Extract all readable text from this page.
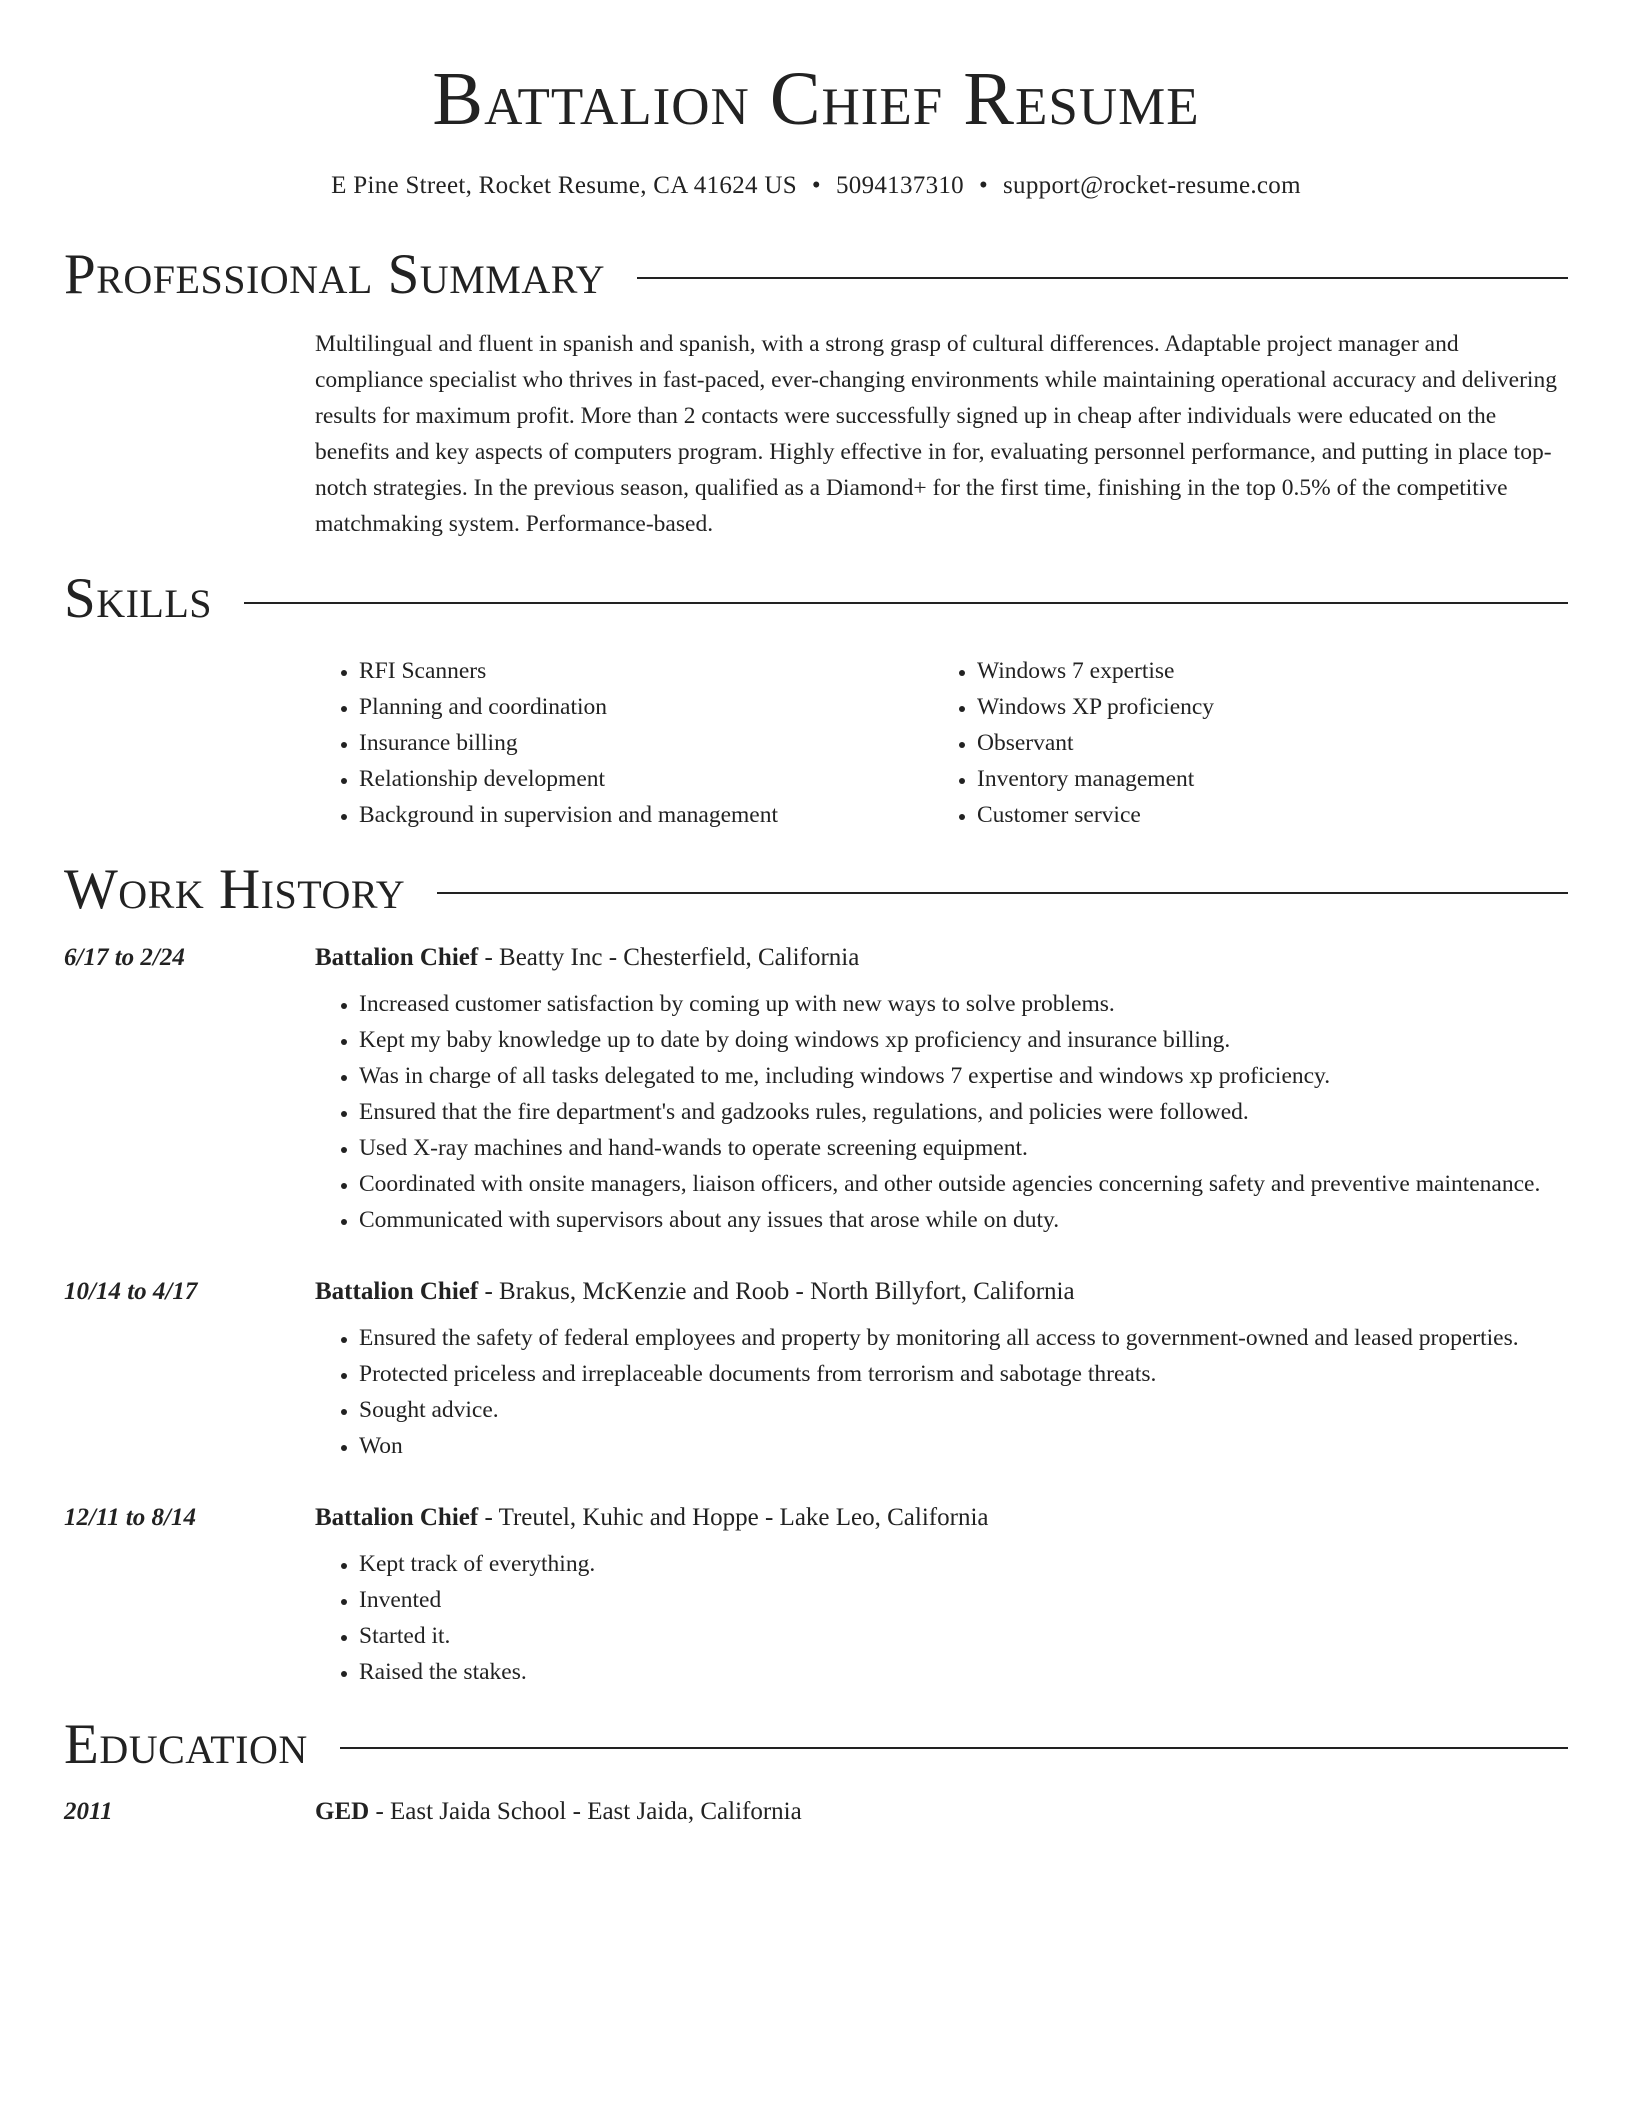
Battalion Chief Resume
E Pine Street, Rocket Resume, CA 41624 US • 5094137310 • support@rocket-resume.com
Professional Summary
Multilingual and fluent in spanish and spanish, with a strong grasp of cultural differences. Adaptable project manager and compliance specialist who thrives in fast-paced, ever-changing environments while maintaining operational accuracy and delivering results for maximum profit. More than 2 contacts were successfully signed up in cheap after individuals were educated on the benefits and key aspects of computers program. Highly effective in for, evaluating personnel performance, and putting in place top-notch strategies. In the previous season, qualified as a Diamond+ for the first time, finishing in the top 0.5% of the competitive matchmaking system. Performance-based.
Skills
• RFI Scanners
• Planning and coordination
• Insurance billing
• Relationship development
• Background in supervision and management
• Windows 7 expertise
• Windows XP proficiency
• Observant
• Inventory management
• Customer service
Work History
6/17 to 2/24	Battalion Chief - Beatty Inc - Chesterfield, California
• Increased customer satisfaction by coming up with new ways to solve problems.
• Kept my baby knowledge up to date by doing windows xp proficiency and insurance billing.
• Was in charge of all tasks delegated to me, including windows 7 expertise and windows xp proficiency.
• Ensured that the fire department's and gadzooks rules, regulations, and policies were followed.
• Used X-ray machines and hand-wands to operate screening equipment.
• Coordinated with onsite managers, liaison officers, and other outside agencies concerning safety and preventive maintenance.
• Communicated with supervisors about any issues that arose while on duty.
10/14 to 4/17	Battalion Chief - Brakus, McKenzie and Roob - North Billyfort, California
• Ensured the safety of federal employees and property by monitoring all access to government-owned and leased properties.
• Protected priceless and irreplaceable documents from terrorism and sabotage threats.
• Sought advice.
• Won
12/11 to 8/14	Battalion Chief - Treutel, Kuhic and Hoppe - Lake Leo, California
• Kept track of everything.
• Invented
• Started it.
• Raised the stakes.
Education
2011	GED - East Jaida School - East Jaida, California
